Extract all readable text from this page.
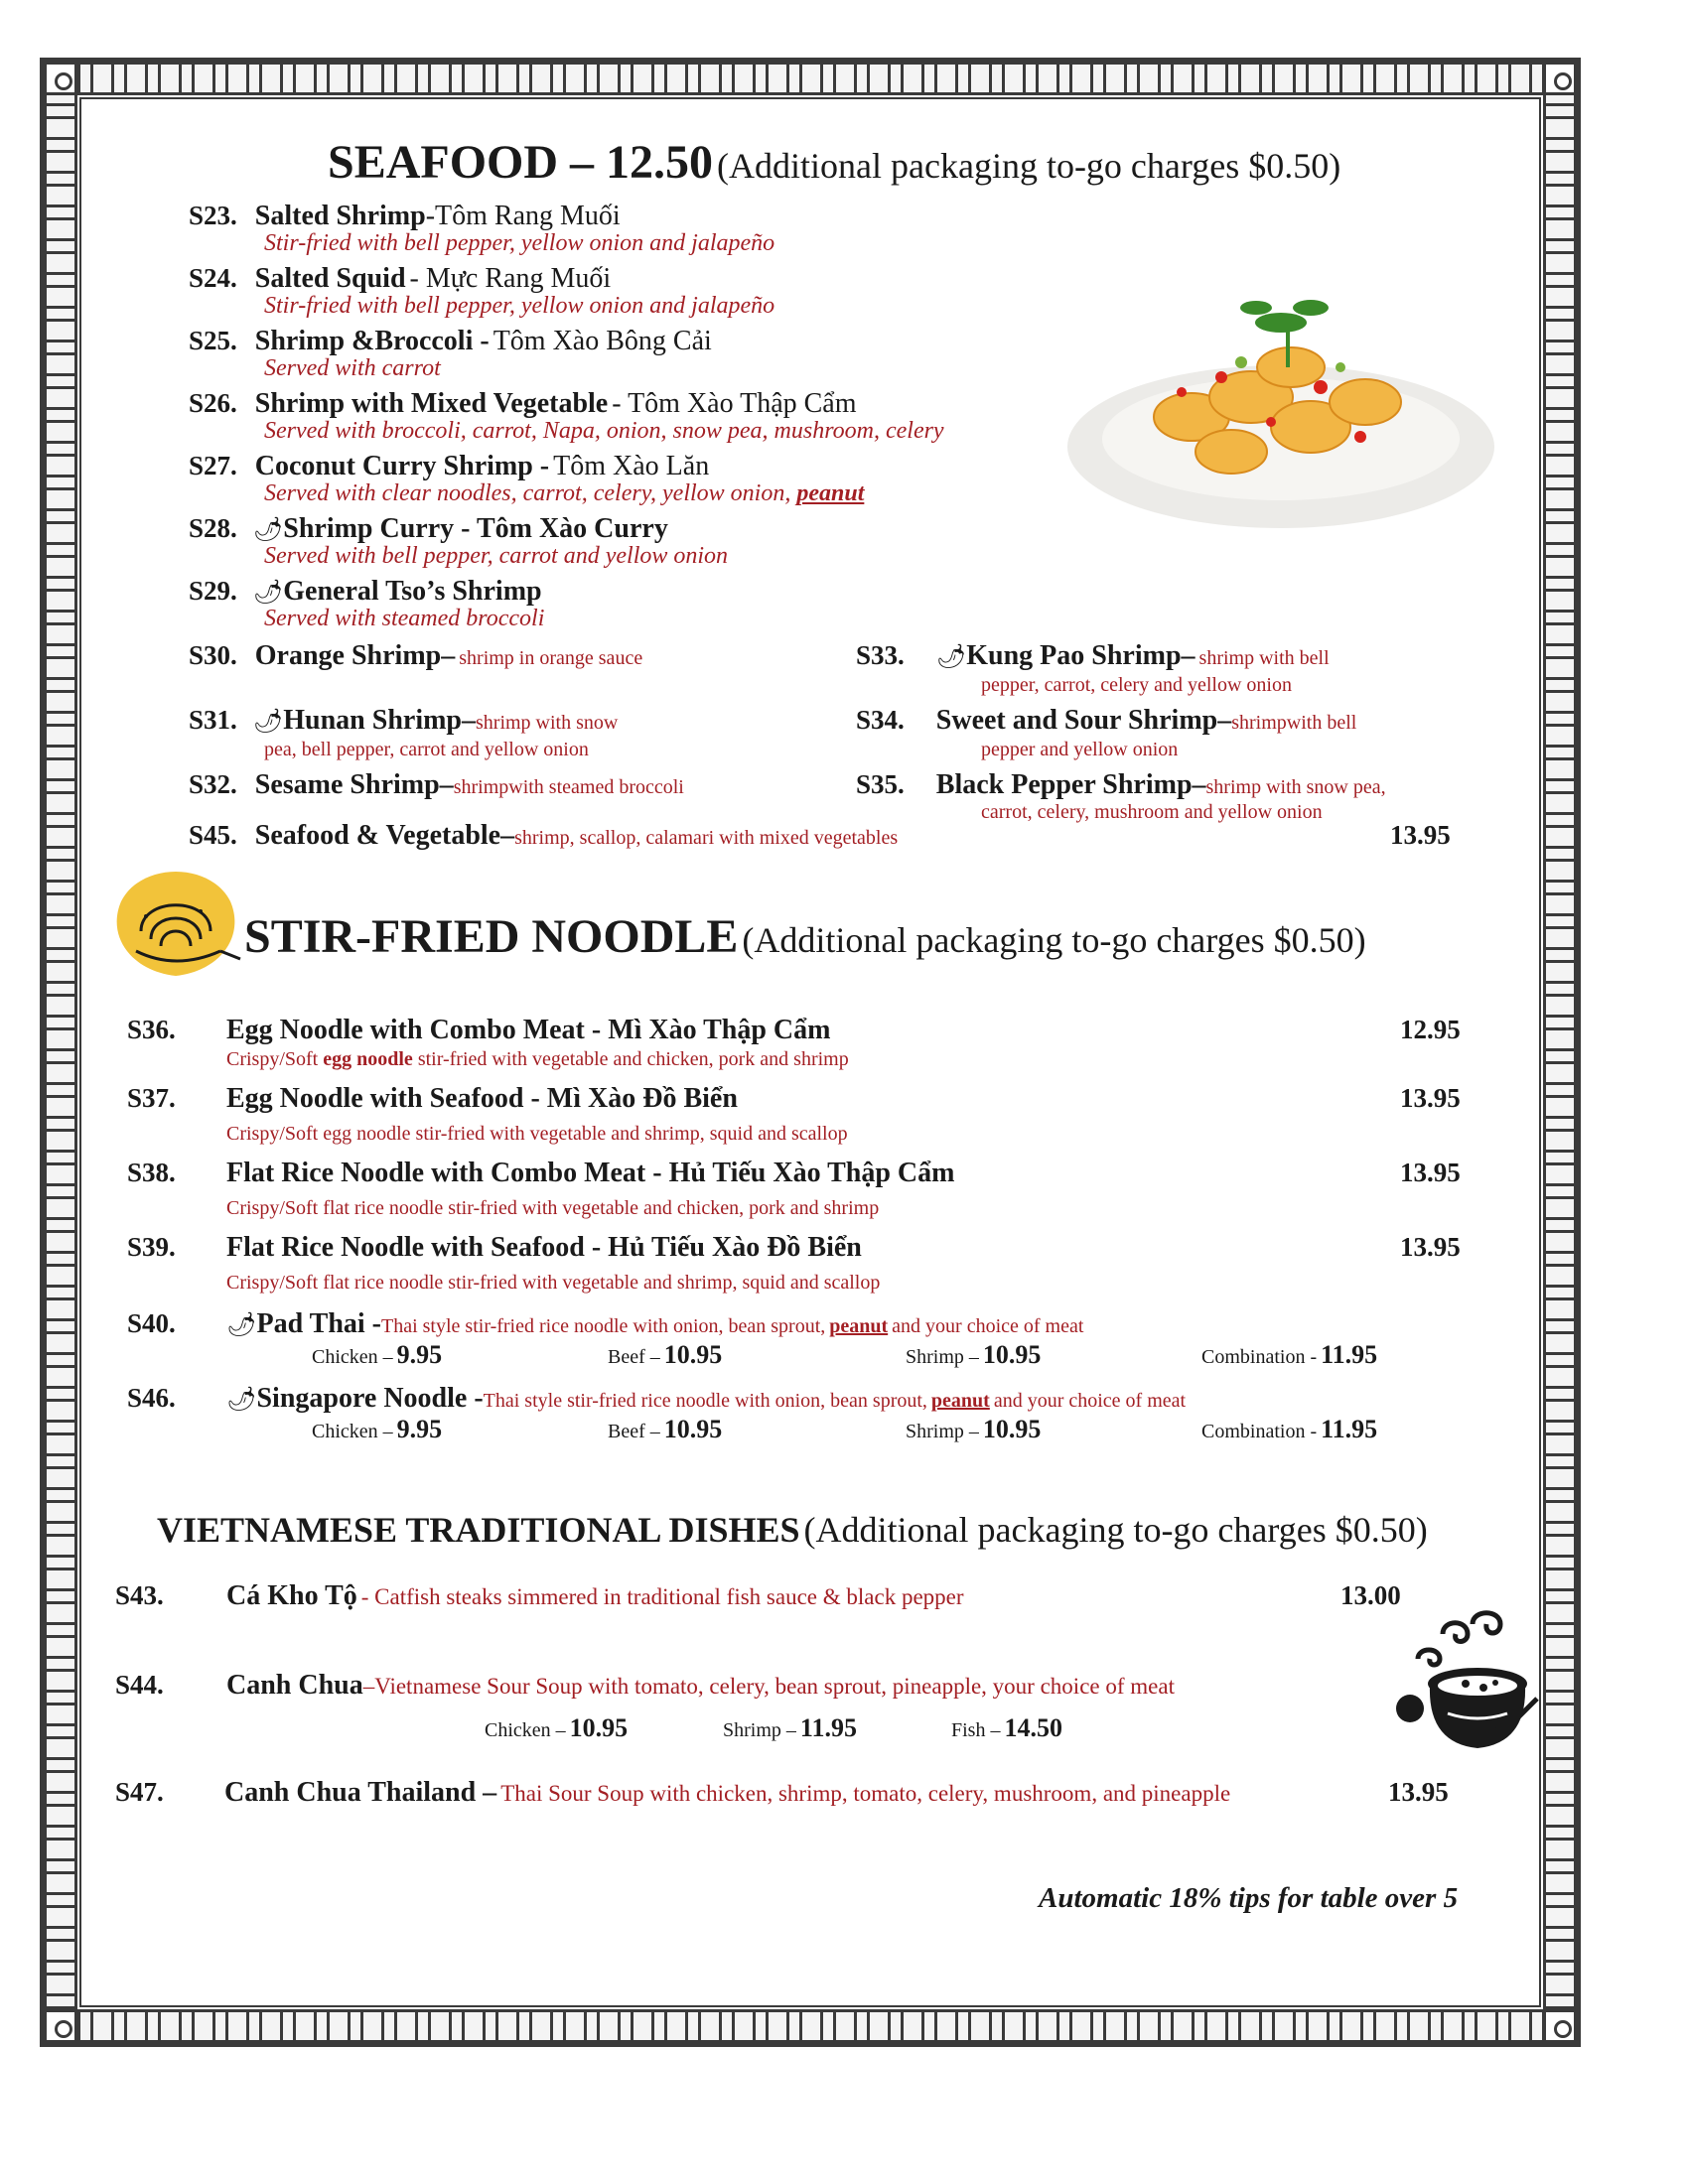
SEAFOOD – 12.50 (Additional packaging to-go charges $0.50)
S23. Salted Shrimp-Tôm Rang Muối
Stir-fried with bell pepper, yellow onion and jalapeño
S24. Salted Squid - Mực Rang Muối
Stir-fried with bell pepper, yellow onion and jalapeño
S25. Shrimp &Broccoli - Tôm Xào Bông Cải
Served with carrot
S26. Shrimp with Mixed Vegetable - Tôm Xào Thập Cẩm
Served with broccoli, carrot, Napa, onion, snow pea, mushroom, celery
S27. Coconut Curry Shrimp - Tôm Xào Lăn
Served with clear noodles, carrot, celery, yellow onion, peanut
S28. 🌶Shrimp Curry - Tôm Xào Curry
Served with bell pepper, carrot and yellow onion
S29. 🌶General Tso’s Shrimp
Served with steamed broccoli
S30. Orange Shrimp– shrimp in orange sauce
S31. 🌶Hunan Shrimp–shrimp with snow
pea, bell pepper, carrot and yellow onion
S32. Sesame Shrimp–shrimpwith steamed broccoli
S33. 🌶Kung Pao Shrimp– shrimp with bell
pepper, carrot, celery and yellow onion
S34. Sweet and Sour Shrimp–shrimpwith bell
pepper and yellow onion
S35. Black Pepper Shrimp–shrimp with snow pea,
carrot, celery, mushroom and yellow onion
S45. Seafood & Vegetable–shrimp, scallop, calamari with mixed vegetables	13.95
STIR-FRIED NOODLE (Additional packaging to-go charges $0.50)
S36. Egg Noodle with Combo Meat - Mì Xào Thập Cẩm
Crispy/Soft egg noodle stir-fried with vegetable and chicken, pork and shrimp
12.95
S37. Egg Noodle with Seafood - Mì Xào Đồ Biển
Crispy/Soft egg noodle stir-fried with vegetable and shrimp, squid and scallop
13.95
S38. Flat Rice Noodle with Combo Meat - Hủ Tiếu Xào Thập Cẩm
Crispy/Soft flat rice noodle stir-fried with vegetable and chicken, pork and shrimp
13.95
S39. Flat Rice Noodle with Seafood - Hủ Tiếu Xào Đồ Biển
Crispy/Soft flat rice noodle stir-fried with vegetable and shrimp, squid and scallop
13.95
S40. 🌶Pad Thai -Thai style stir-fried rice noodle with onion, bean sprout, peanut and your choice of meat
Chicken – 9.95	Beef – 10.95	Shrimp – 10.95	Combination - 11.95
S46. 🌶Singapore Noodle -Thai style stir-fried rice noodle with onion, bean sprout, peanut and your choice of meat
Chicken – 9.95	Beef – 10.95	Shrimp – 10.95	Combination - 11.95
VIETNAMESE TRADITIONAL DISHES (Additional packaging to-go charges $0.50)
S43. Cá Kho Tộ - Catfish steaks simmered in traditional fish sauce & black pepper	13.00
S44. Canh Chua–Vietnamese Sour Soup with tomato, celery, bean sprout, pineapple, your choice of meat
Chicken – 10.95	Shrimp – 11.95	Fish – 14.50
S47. Canh Chua Thailand – Thai Sour Soup with chicken, shrimp, tomato, celery, mushroom, and pineapple	13.95
Automatic 18% tips for table over 5
